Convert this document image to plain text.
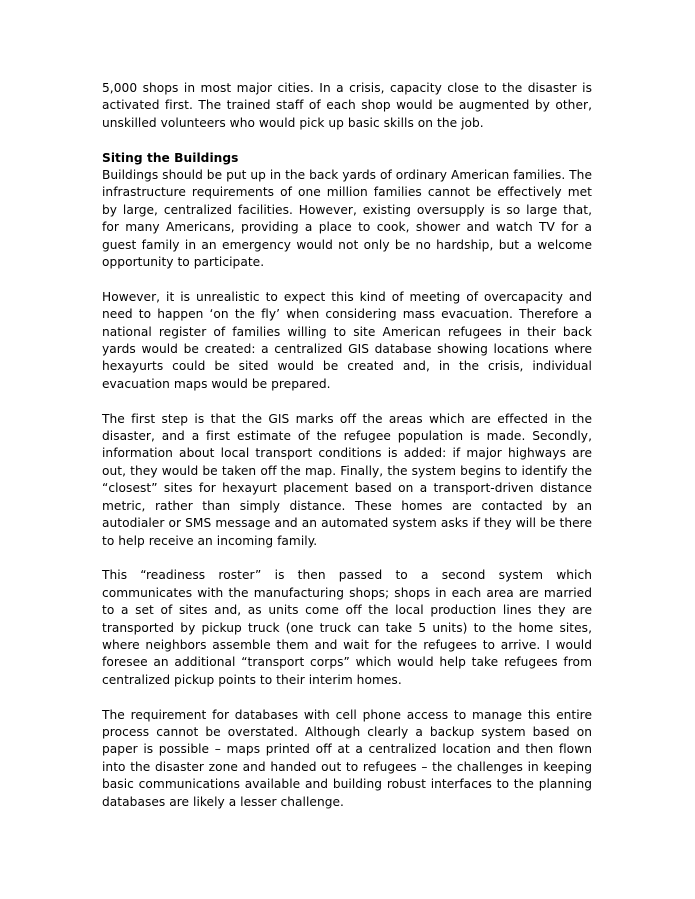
5,000 shops in most major cities. In a crisis, capacity close to the disaster is activated first. The trained staff of each shop would be augmented by other, unskilled volunteers who would pick up basic skills on the job.

Siting the Buildings
Buildings should be put up in the back yards of ordinary American families. The infrastructure requirements of one million families cannot be effectively met by large, centralized facilities. However, existing oversupply is so large that, for many Americans, providing a place to cook, shower and watch TV for a guest family in an emergency would not only be no hardship, but a welcome opportunity to participate.

However, it is unrealistic to expect this kind of meeting of overcapacity and need to happen ‘on the fly’ when considering mass evacuation. Therefore a national register of families willing to site American refugees in their back yards would be created: a centralized GIS database showing locations where hexayurts could be sited would be created and, in the crisis, individual evacuation maps would be prepared.

The first step is that the GIS marks off the areas which are effected in the disaster, and a first estimate of the refugee population is made. Secondly, information about local transport conditions is added: if major highways are out, they would be taken off the map. Finally, the system begins to identify the “closest” sites for hexayurt placement based on a transport-driven distance metric, rather than simply distance. These homes are contacted by an autodialer or SMS message and an automated system asks if they will be there to help receive an incoming family.

This “readiness roster” is then passed to a second system which communicates with the manufacturing shops; shops in each area are married to a set of sites and, as units come off the local production lines they are transported by pickup truck (one truck can take 5 units) to the home sites, where neighbors assemble them and wait for the refugees to arrive. I would foresee an additional “transport corps” which would help take refugees from centralized pickup points to their interim homes.

The requirement for databases with cell phone access to manage this entire process cannot be overstated. Although clearly a backup system based on paper is possible – maps printed off at a centralized location and then flown into the disaster zone and handed out to refugees – the challenges in keeping basic communications available and building robust interfaces to the planning databases are likely a lesser challenge.
